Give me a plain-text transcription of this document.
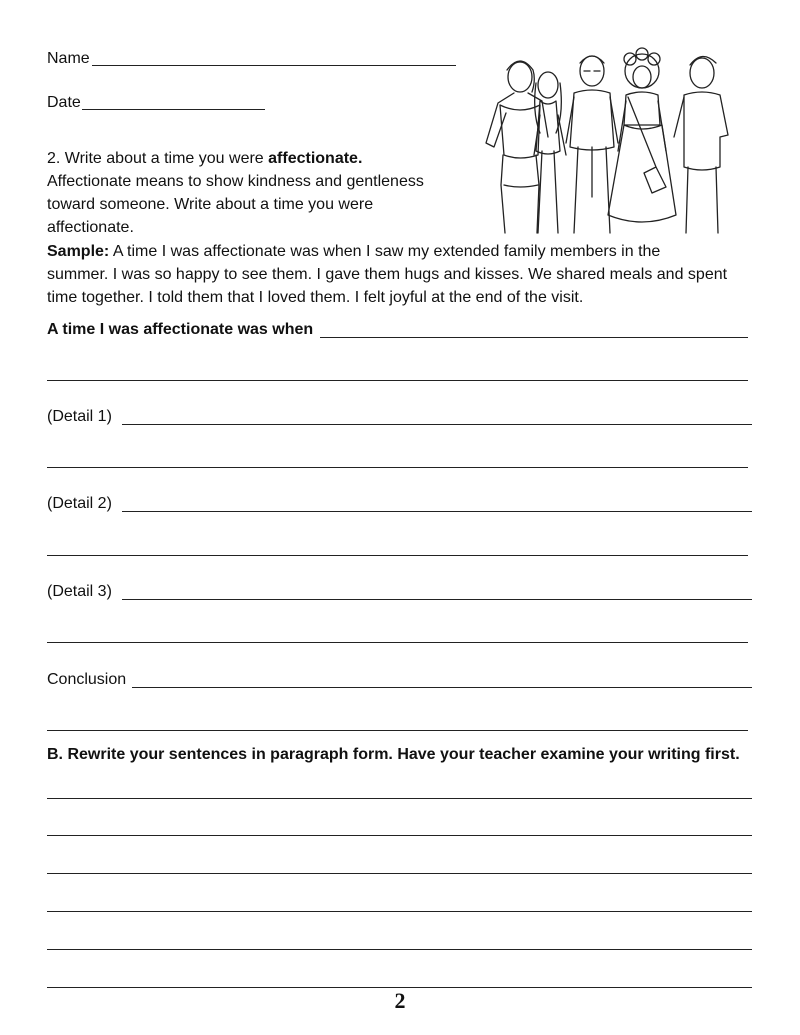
Name
Date
2. Write about a time you were affectionate.
Affectionate means to show kindness and gentleness
toward someone. Write about a time you were
affectionate.
Sample: A time I was affectionate was when I saw my extended family members in the
summer. I was so happy to see them. I gave them hugs and kisses. We shared meals and spent
time together. I told them that I loved them. I felt joyful at the end of the visit.
A time I was affectionate was when
(Detail 1)
(Detail 2)
(Detail 3)
Conclusion
B. Rewrite your sentences in paragraph form. Have your teacher examine your writing first.
2
